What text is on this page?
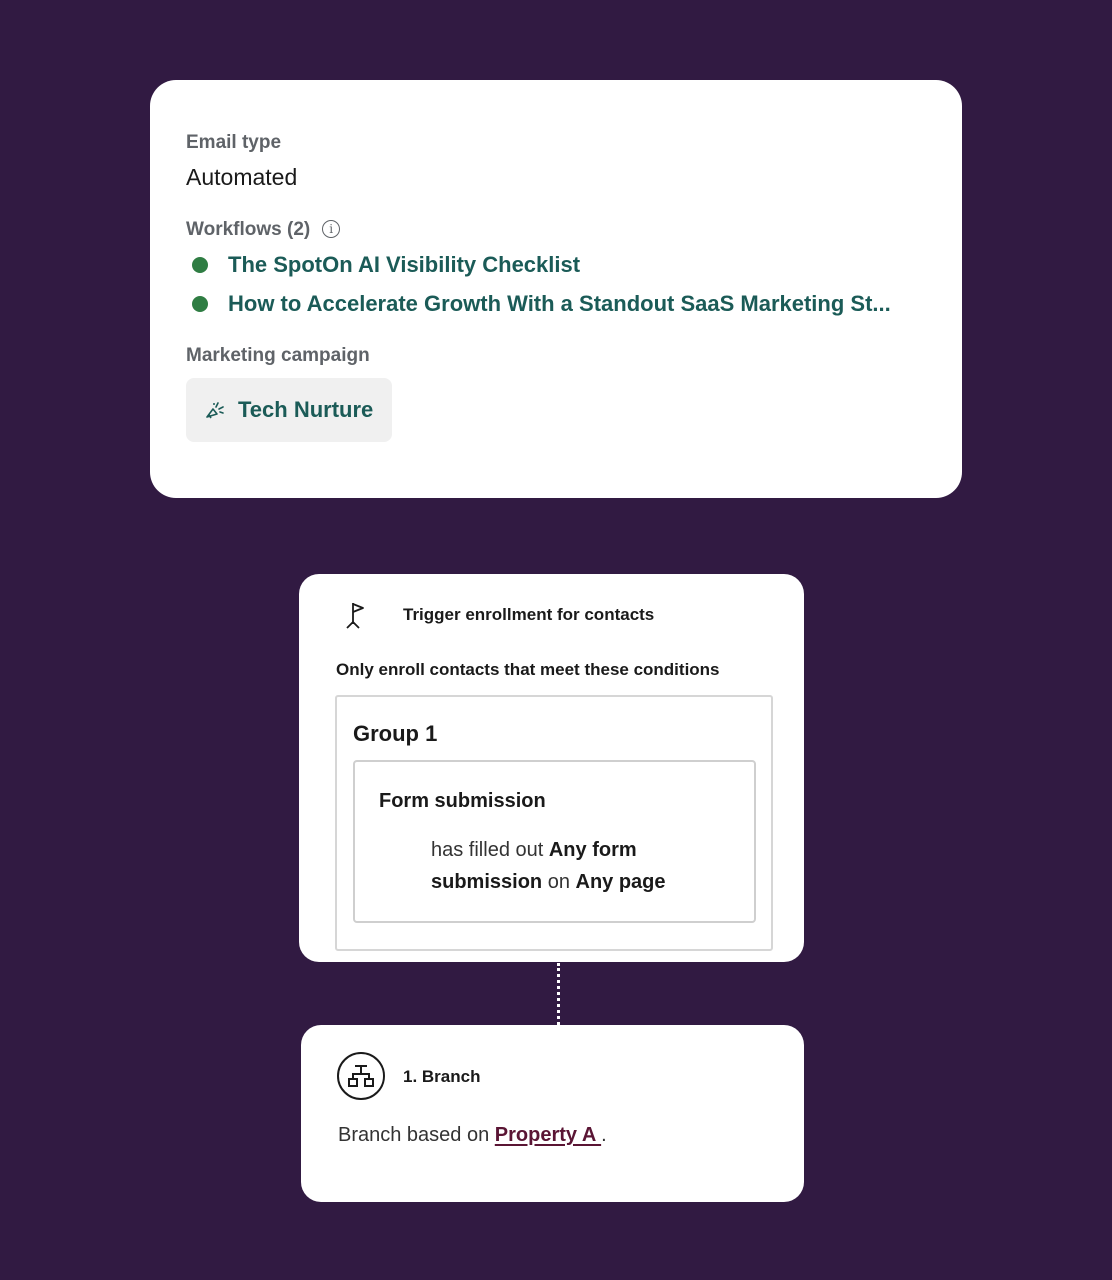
Email type
Automated
Workflows (2) i
The SpotOn AI Visibility Checklist
How to Accelerate Growth With a Standout SaaS Marketing St...
Marketing campaign
Tech Nurture
Trigger enrollment for contacts
Only enroll contacts that meet these conditions
Group 1
Form submission
has filled out Any form submission on Any page
1. Branch
Branch based on Property A .
